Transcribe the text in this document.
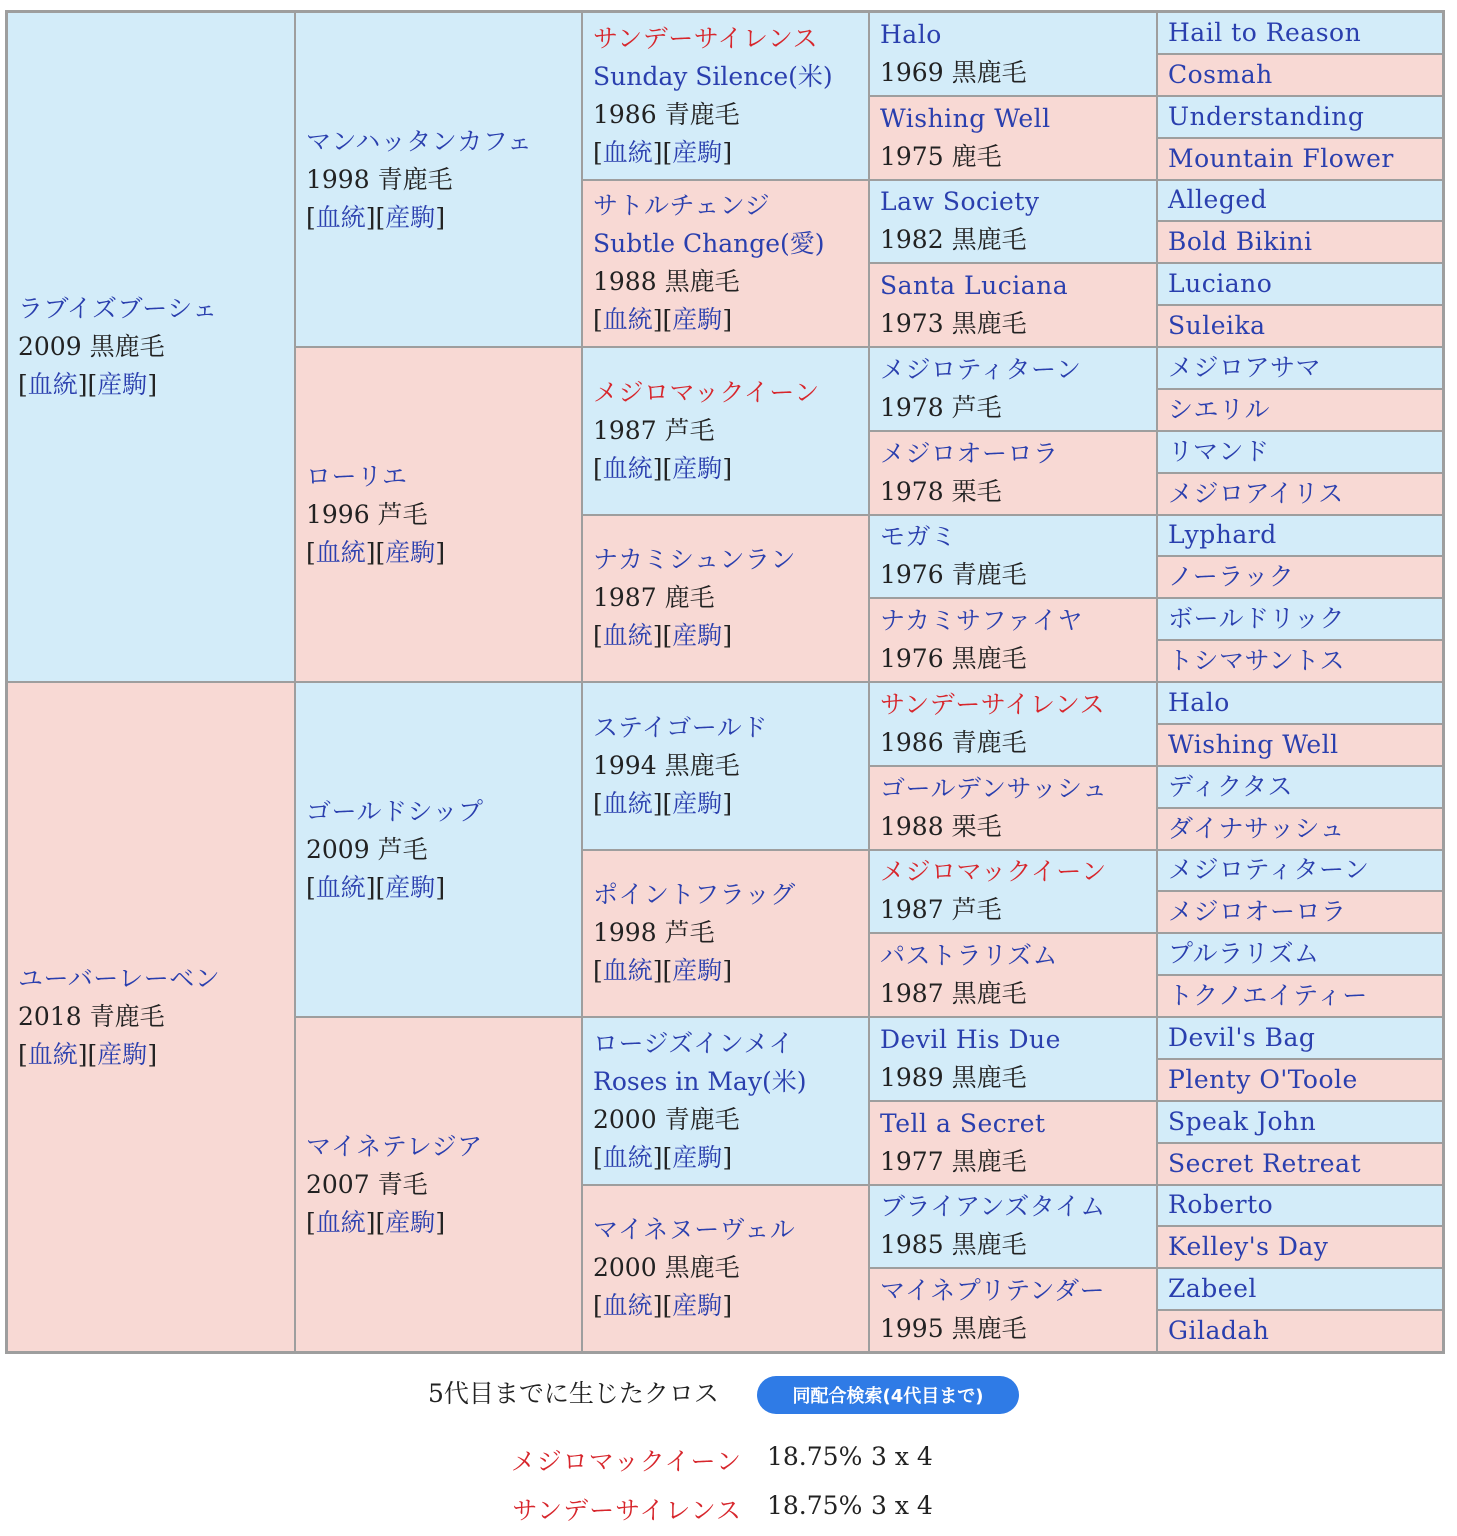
ラブイズブーシェ
2009 黒鹿毛
[血統][産駒]
ユーバーレーベン
2018 青鹿毛
[血統][産駒]
マンハッタンカフェ
1998 青鹿毛
[血統][産駒]
ローリエ
1996 芦毛
[血統][産駒]
ゴールドシップ
2009 芦毛
[血統][産駒]
マイネテレジア
2007 青毛
[血統][産駒]
サンデーサイレンス
Sunday Silence(米)
1986 青鹿毛
[血統][産駒]
サトルチェンジ
Subtle Change(愛)
1988 黒鹿毛
[血統][産駒]
メジロマックイーン
1987 芦毛
[血統][産駒]
ナカミシュンラン
1987 鹿毛
[血統][産駒]
ステイゴールド
1994 黒鹿毛
[血統][産駒]
ポイントフラッグ
1998 芦毛
[血統][産駒]
ロージズインメイ
Roses in May(米)
2000 青鹿毛
[血統][産駒]
マイネヌーヴェル
2000 黒鹿毛
[血統][産駒]
Halo
1969 黒鹿毛
Wishing Well
1975 鹿毛
Law Society
1982 黒鹿毛
Santa Luciana
1973 黒鹿毛
メジロティターン
1978 芦毛
メジロオーロラ
1978 栗毛
モガミ
1976 青鹿毛
ナカミサファイヤ
1976 黒鹿毛
サンデーサイレンス
1986 青鹿毛
ゴールデンサッシュ
1988 栗毛
メジロマックイーン
1987 芦毛
パストラリズム
1987 黒鹿毛
Devil His Due
1989 黒鹿毛
Tell a Secret
1977 黒鹿毛
ブライアンズタイム
1985 黒鹿毛
マイネプリテンダー
1995 黒鹿毛
Hail to Reason
Cosmah
Understanding
Mountain Flower
Alleged
Bold Bikini
Luciano
Suleika
メジロアサマ
シエリル
リマンド
メジロアイリス
Lyphard
ノーラック
ボールドリック
トシマサントス
Halo
Wishing Well
ディクタス
ダイナサッシュ
メジロティターン
メジロオーロラ
プルラリズム
トクノエイティー
Devil's Bag
Plenty O'Toole
Speak John
Secret Retreat
Roberto
Kelley's Day
Zabeel
Giladah
5代目までに生じたクロス	同配合検索(4代目まで)
メジロマックイーン 18.75% 3 x 4
サンデーサイレンス 18.75% 3 x 4
